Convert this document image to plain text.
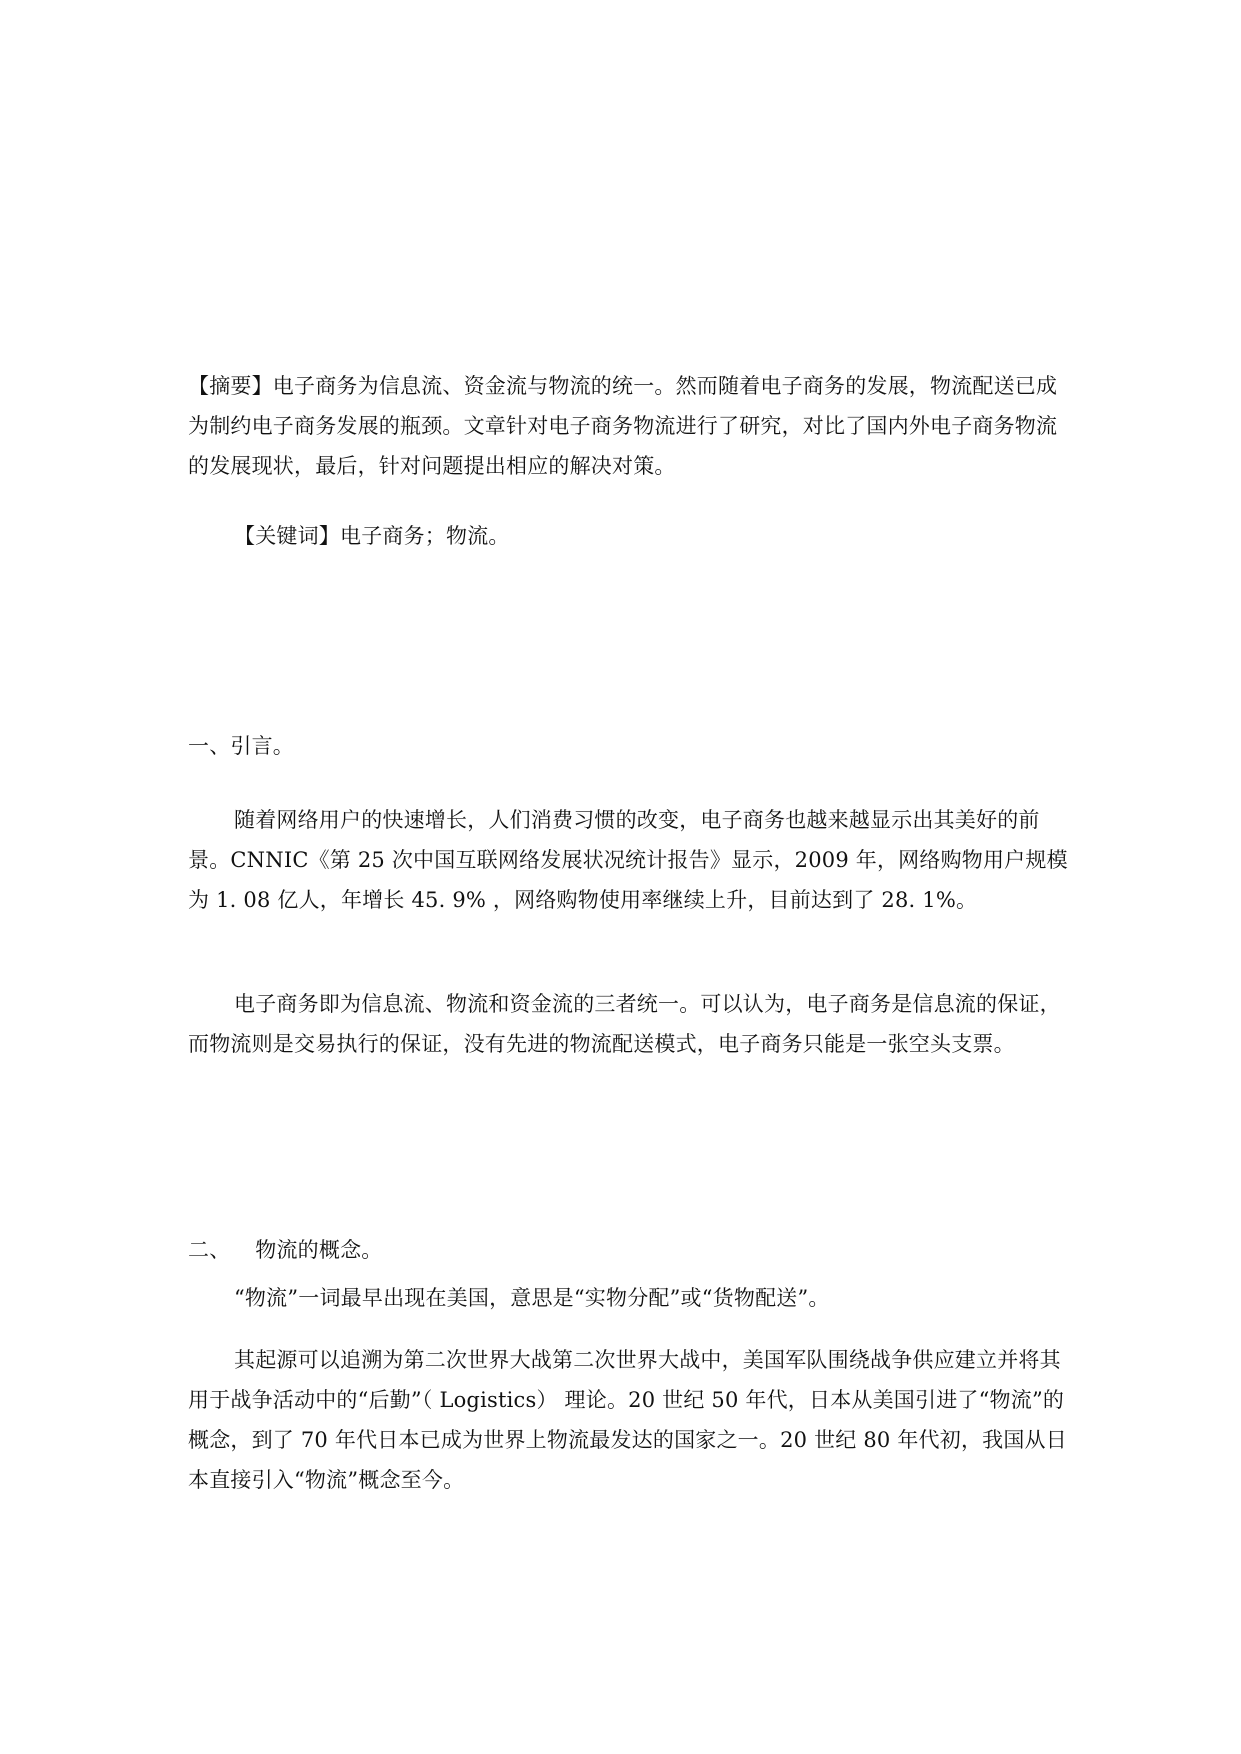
【摘要】电子商务为信息流、资金流与物流的统一。然而随着电子商务的发展，物流配送已成为制约电子商务发展的瓶颈。文章针对电子商务物流进行了研究，对比了国内外电子商务物流的发展现状，最后，针对问题提出相应的解决对策。

【关键词】电子商务；物流。

一、引言。

随着网络用户的快速增长，人们消费习惯的改变，电子商务也越来越显示出其美好的前景。CNNIC《第 25 次中国互联网络发展状况统计报告》显示，2009 年，网络购物用户规模为 1. 08 亿人，年增长 45. 9% ，网络购物使用率继续上升，目前达到了 28. 1%。

电子商务即为信息流、物流和资金流的三者统一。可以认为，电子商务是信息流的保证，而物流则是交易执行的保证，没有先进的物流配送模式，电子商务只能是一张空头支票。

二、 物流的概念。

“物流”一词最早出现在美国，意思是“实物分配”或“货物配送”。

其起源可以追溯为第二次世界大战第二次世界大战中，美国军队围绕战争供应建立并将其用于战争活动中的“后勤”（ Logistics） 理论。20 世纪 50 年代，日本从美国引进了“物流”的概念，到了 70 年代日本已成为世界上物流最发达的国家之一。20 世纪 80 年代初，我国从日本直接引入“物流”概念至今。
